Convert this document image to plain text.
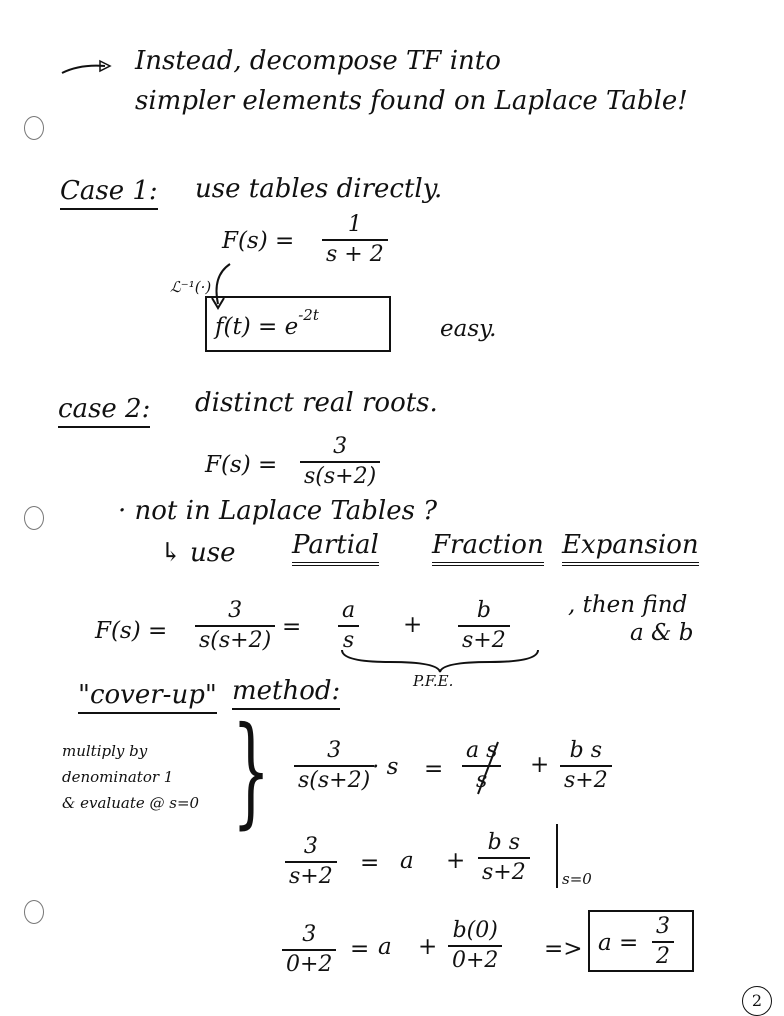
Instead, decompose TF into
simpler elements found on Laplace Table!
Case 1: use tables directly.
F(s) =
1
s + 2
ℒ⁻¹(·)
$f(t) = e^{-2t}$
easy.
case 2: distinct real roots.
F(s) =
3
s(s+2)
· not in Laplace Tables ?
↳ use Partial Fraction Expansion
F(s) =
3
s(s+2)
=
a
s
+
b
s+2
, then find
a & b
P.F.E.
"cover-up" method:
multiply by
denominator 1
& evaluate @ s=0 }	3
s(s+2)
· s =
a s
s
+
b s
s+2
3
s+2
= a +
b s
s+2 s=0
3
0+2
= a +
b(0)
0+2 => a =
3
2
2
